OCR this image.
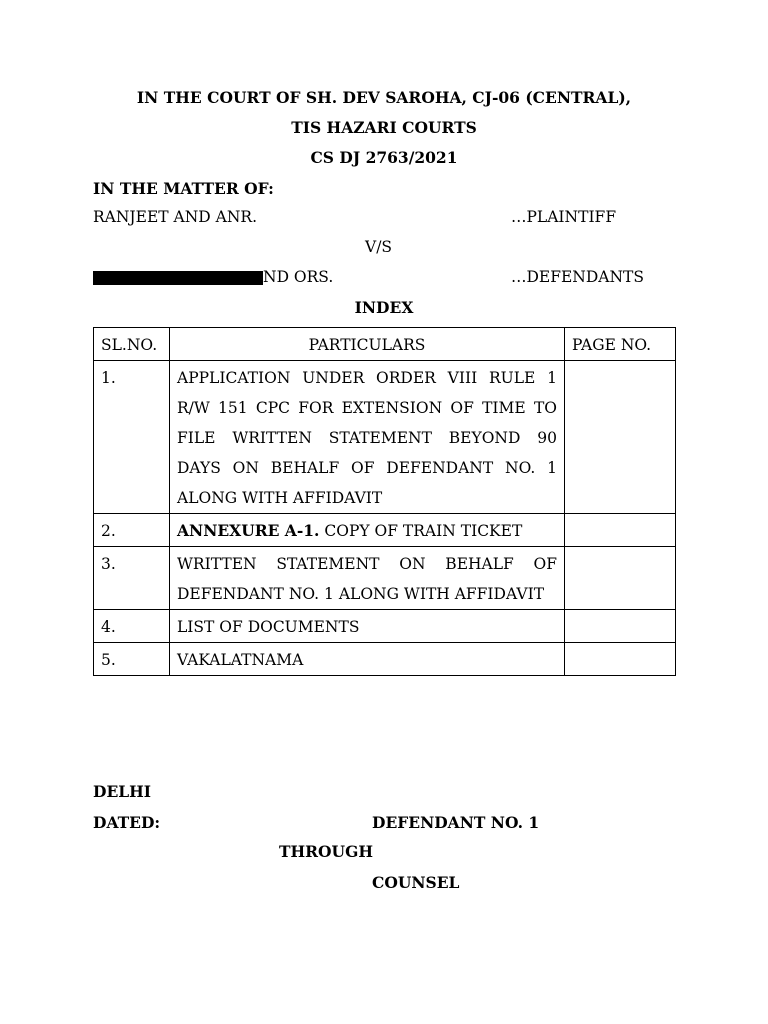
IN THE COURT OF SH. DEV SAROHA, CJ-06 (CENTRAL),
TIS HAZARI COURTS
CS DJ 2763/2021
IN THE MATTER OF:
RANJEET AND ANR.	…PLAINTIFF
V/S
ND ORS.	…DEFENDANTS
INDEX
SL.NO.	PARTICULARS	PAGE NO.
1.	APPLICATION UNDER ORDER VIII RULE 1 R/W 151 CPC FOR EXTENSION OF TIME TO FILE WRITTEN STATEMENT BEYOND 90 DAYS ON BEHALF OF DEFENDANT NO. 1 ALONG WITH AFFIDAVIT	

2.	ANNEXURE A-1. COPY OF TRAIN TICKET	
3.	WRITTEN STATEMENT ON BEHALF OF DEFENDANT NO. 1 ALONG WITH AFFIDAVIT	

4.	LIST OF DOCUMENTS	
5.	VAKALATNAMA	
DELHI
DATED:	DEFENDANT NO. 1
THROUGH
COUNSEL
